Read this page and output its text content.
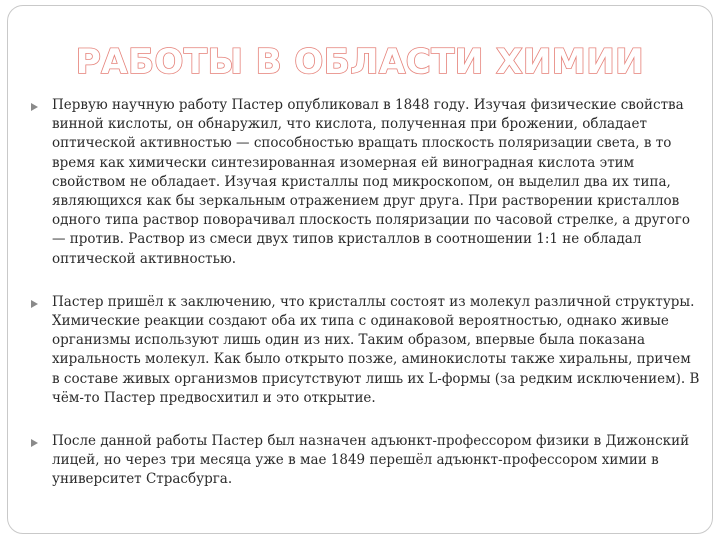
РАБОТЫ В ОБЛАСТИ ХИМИИ
Первую научную работу Пастер опубликовал в 1848 году. Изучая физические свойства винной кислоты, он обнаружил, что кислота, полученная при брожении, обладает оптической активностью — способностью вращать плоскость поляризации света, в то время как химически синтезированная изомерная ей виноградная кислота этим свойством не обладает. Изучая кристаллы под микроскопом, он выделил два их типа, являющихся как бы зеркальным отражением друг друга. При растворении кристаллов одного типа раствор поворачивал плоскость поляризации по часовой стрелке, а другого — против. Раствор из смеси двух типов кристаллов в соотношении 1:1 не обладал оптической активностью.
Пастер пришёл к заключению, что кристаллы состоят из молекул различной структуры. Химические реакции создают оба их типа с одинаковой вероятностью, однако живые организмы используют лишь один из них. Таким образом, впервые была показана хиральность молекул. Как было открыто позже, аминокислоты также хиральны, причем в составе живых организмов присутствуют лишь их L-формы (за редким исключением). В чём-то Пастер предвосхитил и это открытие.
После данной работы Пастер был назначен адъюнкт-профессором физики в Дижонский лицей, но через три месяца уже в мае 1849 перешёл адъюнкт-профессором химии в университет Страсбурга.
